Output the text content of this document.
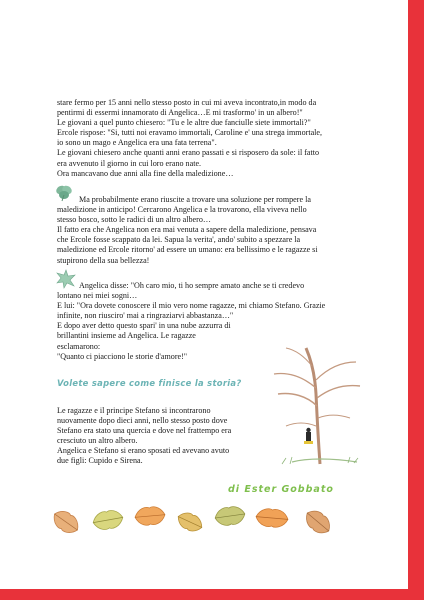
stare fermo per 15 anni nello stesso posto in cui mi aveva incontrato,in modo da

pentirmi di essermi innamorato di Angelica…E mi trasformo' in un albero!"

Le giovani a quel punto chiesero: "Tu e le altre due fanciulle siete immortali?"

Ercole rispose: "Si, tutti noi eravamo immortali, Caroline e' una strega immortale,

io sono un mago e Angelica era una fata terrena".

Le giovani chiesero anche quanti anni erano passati e si risposero da sole: il fatto

era avvenuto il giorno in cui loro erano nate.

Ora mancavano due anni alla fine della maledizione…

Ma probabilmente erano riuscite a trovare una soluzione per rompere la

maledizione in anticipo! Cercarono Angelica e la trovarono, ella viveva nello

stesso bosco, sotto le radici di un altro albero…

Il fatto era che Angelica non era mai venuta a sapere della maledizione, pensava

che Ercole fosse scappato da lei. Sapua la verita', ando' subito a spezzare la

maledizione ed Ercole ritorno' ad essere un umano: era bellissimo e le ragazze si

stupirono della sua bellezza!

Angelica disse: "Oh caro mio, ti ho sempre amato anche se ti credevo

lontano nei miei sogni…

E lui: "Ora dovete conoscere il mio vero nome ragazze, mi chiamo Stefano. Grazie

infinite, non riusciro' mai a ringraziarvi abbastanza…"

E dopo aver detto questo spari' in una nube azzurra di

brillantini insieme ad Angelica. Le ragazze

esclamarono:

"Quanto ci piacciono le storie d'amore!"

Volete sapere come finisce la storia?

Le ragazze e il principe Stefano si incontrarono

nuovamente dopo dieci anni, nello stesso posto dove

Stefano era stato una quercia e dove nel frattempo era

cresciuto un altro albero.

Angelica e Stefano si erano sposati ed avevano avuto

due figli: Cupido e Sirena.

di Ester Gobbato
